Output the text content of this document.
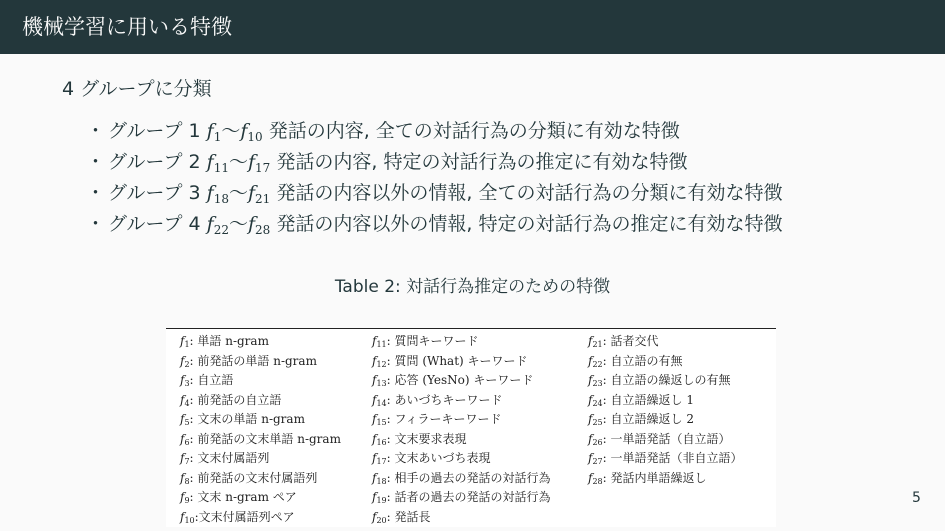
機械学習に用いる特徴
4 グループに分類
・ グループ 1 $f_1$〜$f_{10}$ 発話の内容, 全ての対話行為の分類に有効な特徴
・ グループ 2 $f_{11}$〜$f_{17}$ 発話の内容, 特定の対話行為の推定に有効な特徴
・ グループ 3 $f_{18}$〜$f_{21}$ 発話の内容以外の情報, 全ての対話行為の分類に有効な特徴
・ グループ 4 $f_{22}$〜$f_{28}$ 発話の内容以外の情報, 特定の対話行為の推定に有効な特徴
Table 2: 対話行為推定のための特徴
$f_1$: 単語 n-gram
$f_2$: 前発話の単語 n-gram
$f_3$: 自立語
$f_4$: 前発話の自立語
$f_5$: 文末の単語 n-gram
$f_6$: 前発話の文末単語 n-gram
$f_7$: 文末付属語列
$f_8$: 前発話の文末付属語列
$f_9$: 文末 n-gram ペア
$f_{10}$:文末付属語列ペア
$f_{11}$: 質問キーワード
$f_{12}$: 質問 (What) キーワード
$f_{13}$: 応答 (YesNo) キーワード
$f_{14}$: あいづちキーワード
$f_{15}$: フィラーキーワード
$f_{16}$: 文末要求表現
$f_{17}$: 文末あいづち表現
$f_{18}$: 相手の過去の発話の対話行為
$f_{19}$: 話者の過去の発話の対話行為
$f_{20}$: 発話長
$f_{21}$: 話者交代
$f_{22}$: 自立語の有無
$f_{23}$: 自立語の繰返しの有無
$f_{24}$: 自立語繰返し 1
$f_{25}$: 自立語繰返し 2
$f_{26}$: 一単語発話（自立語）
$f_{27}$: 一単語発話（非自立語）
$f_{28}$: 発話内単語繰返し
5
